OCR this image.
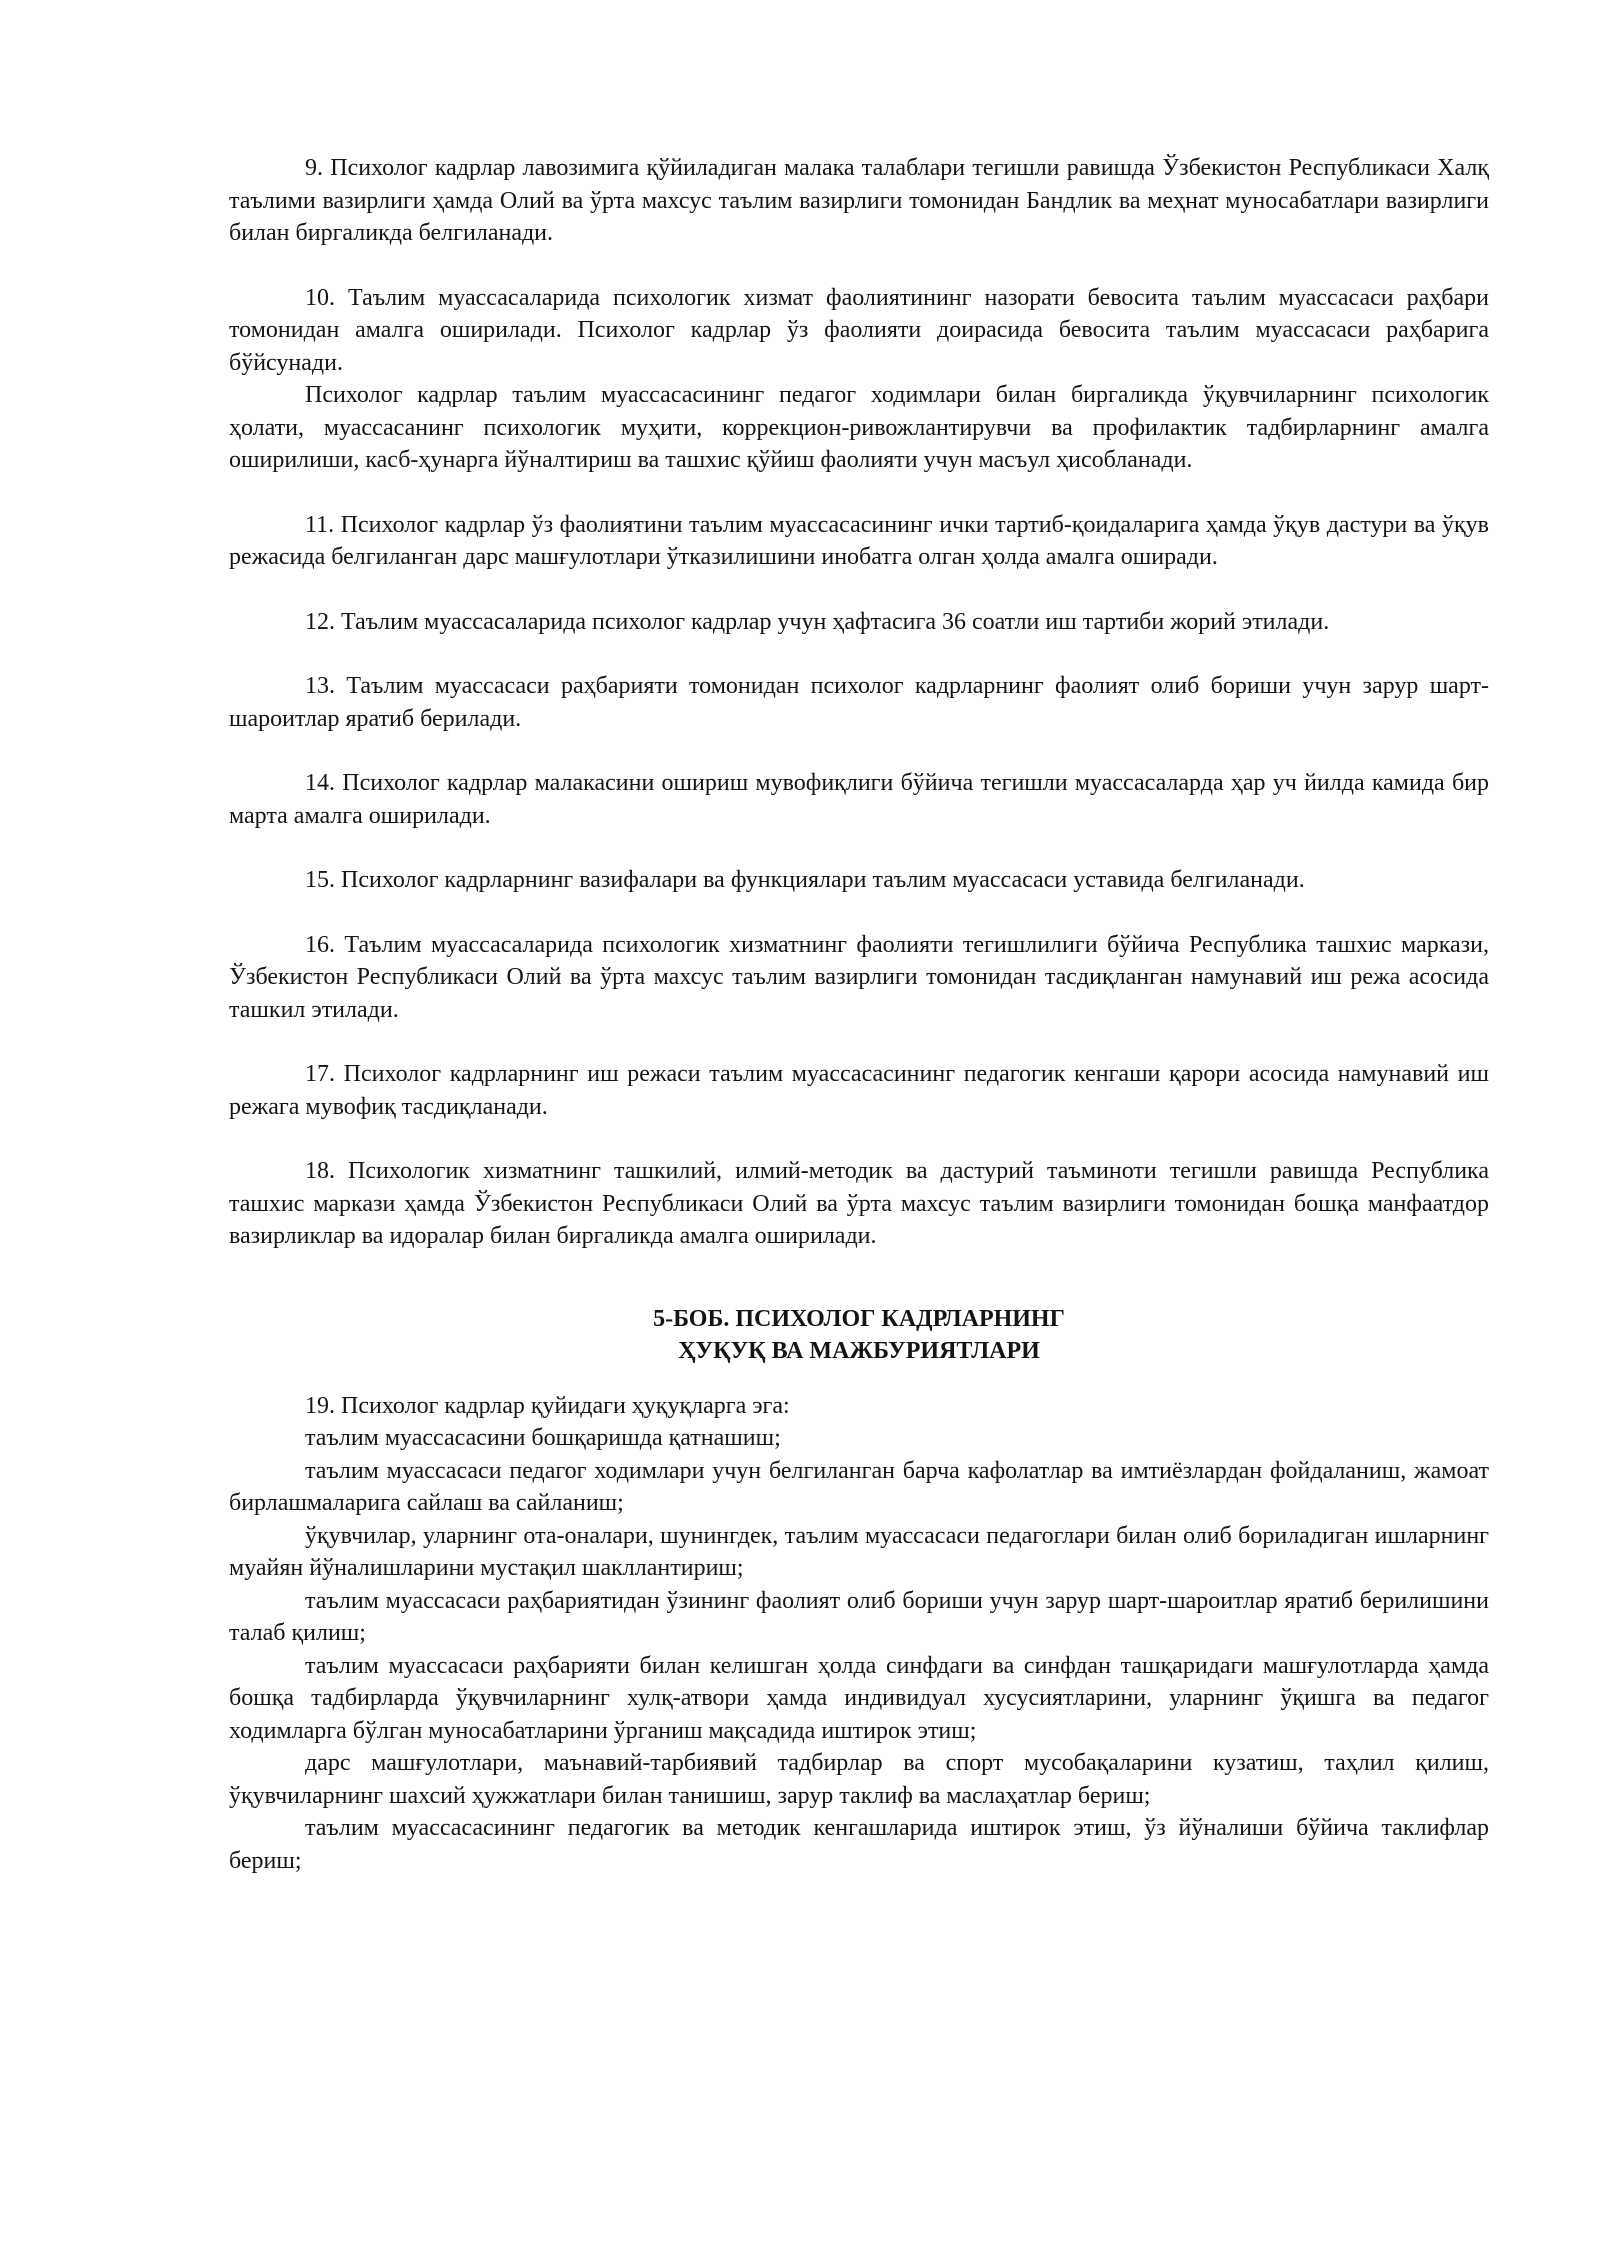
9. Психолог кадрлар лавозимига қўйиладиган малака талаблари тегишли равишда Ўзбекистон Республикаси Халқ таълими вазирлиги ҳамда Олий ва ўрта махсус таълим вазирлиги томонидан Бандлик ва меҳнат муносабатлари вазирлиги билан биргаликда белгиланади.

10. Таълим муассасаларида психологик хизмат фаолиятининг назорати бевосита таълим муассасаси раҳбари томонидан амалга оширилади. Психолог кадрлар ўз фаолияти доирасида бевосита таълим муассасаси раҳбарига бўйсунади.

Психолог кадрлар таълим муассасасининг педагог ходимлари билан биргаликда ўқувчиларнинг психологик ҳолати, муассасанинг психологик муҳити, коррекцион-ривожлантирувчи ва профилактик тадбирларнинг амалга оширилиши, касб-ҳунарга йўналтириш ва ташхис қўйиш фаолияти учун масъул ҳисобланади.

11. Психолог кадрлар ўз фаолиятини таълим муассасасининг ички тартиб-қоидаларига ҳамда ўқув дастури ва ўқув режасида белгиланган дарс машғулотлари ўтказилишини инобатга олган ҳолда амалга оширади.

12. Таълим муассасаларида психолог кадрлар учун ҳафтасига 36 соатли иш тартиби жорий этилади.

13. Таълим муассасаси раҳбарияти томонидан психолог кадрларнинг фаолият олиб бориши учун зарур шарт-шароитлар яратиб берилади.

14. Психолог кадрлар малакасини ошириш мувофиқлиги бўйича тегишли муассасаларда ҳар уч йилда камида бир марта амалга оширилади.

15. Психолог кадрларнинг вазифалари ва функциялари таълим муассасаси уставида белгиланади.

16. Таълим муассасаларида психологик хизматнинг фаолияти тегишлилиги бўйича Республика ташхис маркази, Ўзбекистон Республикаси Олий ва ўрта махсус таълим вазирлиги томонидан тасдиқланган намунавий иш режа асосида ташкил этилади.

17. Психолог кадрларнинг иш режаси таълим муассасасининг педагогик кенгаши қарори асосида намунавий иш режага мувофиқ тасдиқланади.

18. Психологик хизматнинг ташкилий, илмий-методик ва дастурий таъминоти тегишли равишда Республика ташхис маркази ҳамда Ўзбекистон Республикаси Олий ва ўрта махсус таълим вазирлиги томонидан бошқа манфаатдор вазирликлар ва идоралар билан биргаликда амалга оширилади.

5-БОБ. ПСИХОЛОГ КАДРЛАРНИНГ
ҲУҚУҚ ВА МАЖБУРИЯТЛАРИ

19. Психолог кадрлар қуйидаги ҳуқуқларга эга:

таълим муассасасини бошқаришда қатнашиш;

таълим муассасаси педагог ходимлари учун белгиланган барча кафолатлар ва имтиёзлардан фойдаланиш, жамоат бирлашмаларига сайлаш ва сайланиш;

ўқувчилар, уларнинг ота-оналари, шунингдек, таълим муассасаси педагоглари билан олиб бориладиган ишларнинг муайян йўналишларини мустақил шакллантириш;

таълим муассасаси раҳбариятидан ўзининг фаолият олиб бориши учун зарур шарт-шароитлар яратиб берилишини талаб қилиш;

таълим муассасаси раҳбарияти билан келишган ҳолда синфдаги ва синфдан ташқаридаги машғулотларда ҳамда бошқа тадбирларда ўқувчиларнинг хулқ-атвори ҳамда индивидуал хусусиятларини, уларнинг ўқишга ва педагог ходимларга бўлган муносабатларини ўрганиш мақсадида иштирок этиш;

дарс машғулотлари, маънавий-тарбиявий тадбирлар ва спорт мусобақаларини кузатиш, таҳлил қилиш, ўқувчиларнинг шахсий ҳужжатлари билан танишиш, зарур таклиф ва маслаҳатлар бериш;

таълим муассасасининг педагогик ва методик кенгашларида иштирок этиш, ўз йўналиши бўйича таклифлар бериш;
